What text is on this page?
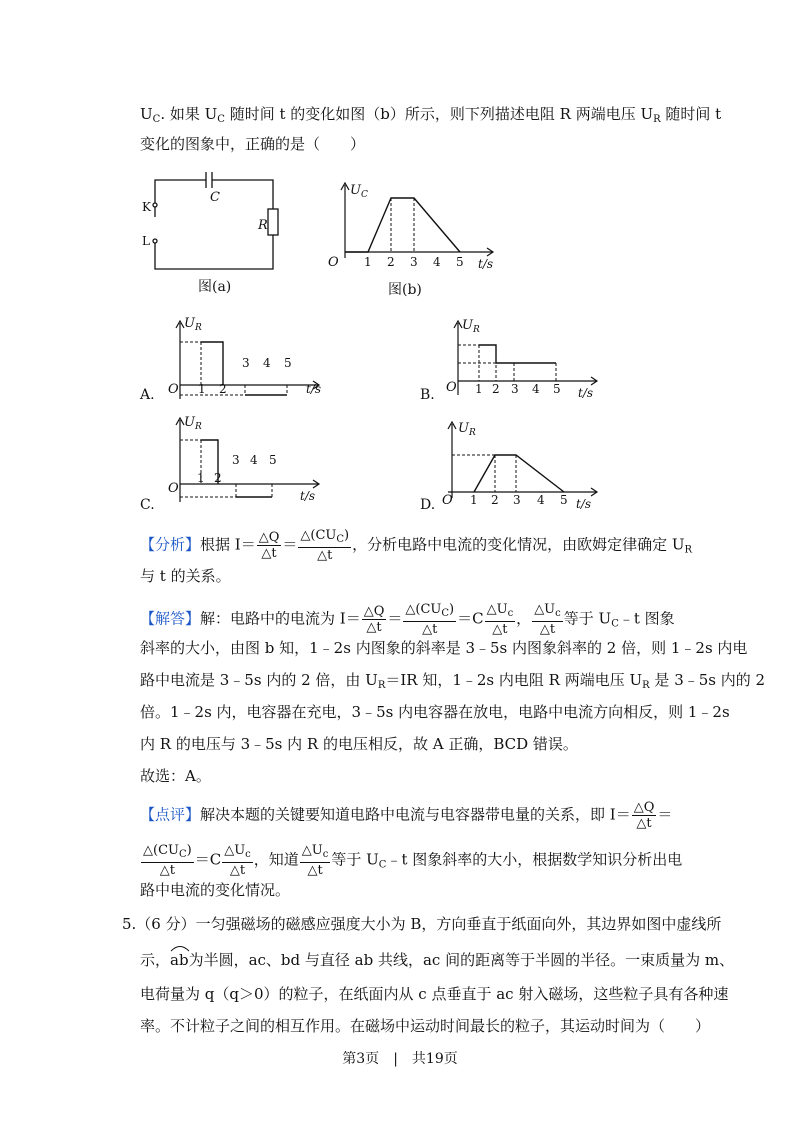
$U_C$. 如果 $U_C$ 随时间 t 的变化如图（b）所示，则下列描述电阻 R 两端电压 $U_R$ 随时间 t
变化的图象中，正确的是（　　）
C
R
K
L
图(a)
$U_C$
O	t/s
1 2 3 4 5
图(b)
A.
$U_R$
O 1 2
3 4 5
t/s	B.
$U_R$
O 1 2 3 4 5 t/s
C.
$U_R$
O
1 2
3 4 5
t/s
D.
$U_R$
O 1 2 3 4 5 t/s
【分析】根据 $I= \frac{\triangle Q}{\triangle t} = \frac{\triangle(CU_C)}{\triangle t}$ ，分析电路中电流的变化情况，由欧姆定律确定 $U_R$
与 t 的关系。
【解答】解：电路中的电流为 $I= \frac{\triangle Q}{\triangle t} = \frac{\triangle(CU_C)}{\triangle t} =C \frac{\triangle U_c}{\triangle t}$ ， $\frac{\triangle U_c}{\triangle t}$ 等于 $U_C﹣t$ 图象
斜率的大小，由图 b 知，1﹣2s 内图象的斜率是 3﹣5s 内图象斜率的 2 倍，则 1﹣2s 内电
路中电流是 3﹣5s 内的 2 倍，由 $U_R=IR$ 知，1﹣2s 内电阻 R 两端电压 $U_R$ 是 3﹣5s 内的 2
倍。1﹣2s 内，电容器在充电，3﹣5s 内电容器在放电，电路中电流方向相反，则 1﹣2s
内 R 的电压与 3﹣5s 内 R 的电压相反，故 A 正确，BCD 错误。
故选：A。
【点评】解决本题的关键要知道电路中电流与电容器带电量的关系，即 $I= \frac{\triangle Q}{\triangle t}$ ＝
$\frac{\triangle(CU_C)}{\triangle t} =C \frac{\triangle U_c}{\triangle t}$ ，知道 $\frac{\triangle U_c}{\triangle t}$ 等于 $U_C﹣t$ 图象斜率的大小，根据数学知识分析出电
路中电流的变化情况。
5.（6 分）一匀强磁场的磁感应强度大小为 B，方向垂直于纸面向外，其边界如图中虚线所
示，
ab为半圆，ac、bd 与直径 ab 共线，ac 间的距离等于半圆的半径。一束质量为 m、
电荷量为 q（q＞0）的粒子，在纸面内从 c 点垂直于 ac 射入磁场，这些粒子具有各种速
率。不计粒子之间的相互作用。在磁场中运动时间最长的粒子，其运动时间为（　　）
第3页　 |　 共19页
